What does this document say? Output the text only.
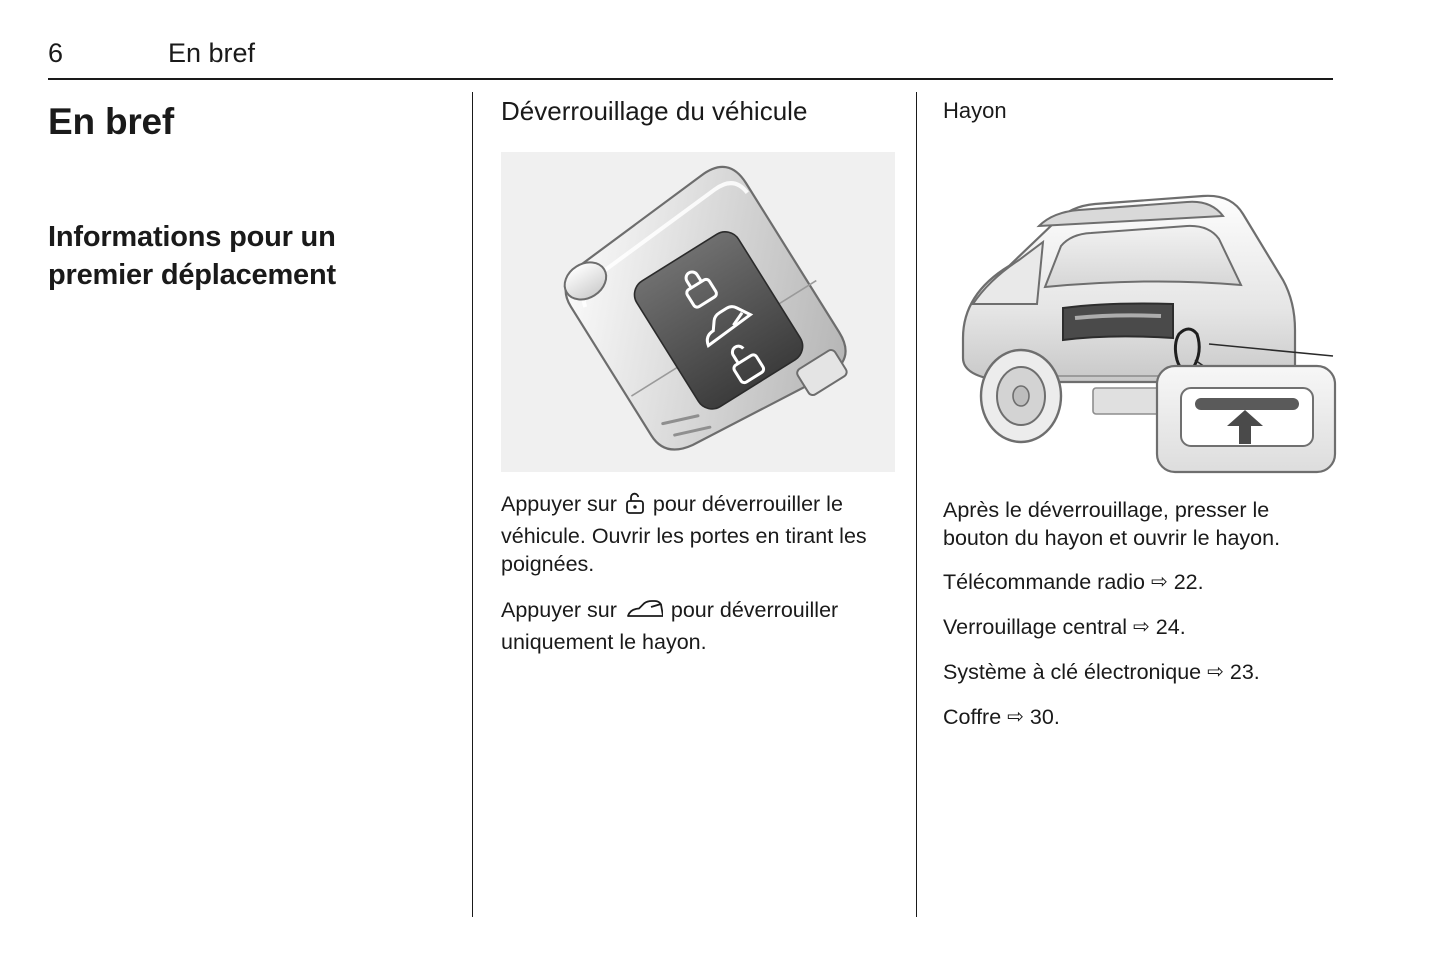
6	En bref
En bref
Informations pour un
premier déplacement
Déverrouillage du véhicule

Appuyer sur pour déverrouiller le véhicule. Ouvrir les portes en tirant les poignées.

Appuyer sur	pour déverrouiller uniquement le hayon.

Hayon

Après le déverrouillage, presser le bouton du hayon et ouvrir le hayon.

Télécommande radio ⇨ 22.

Verrouillage central ⇨ 24.

Système à clé électronique ⇨ 23.

Coffre ⇨ 30.
